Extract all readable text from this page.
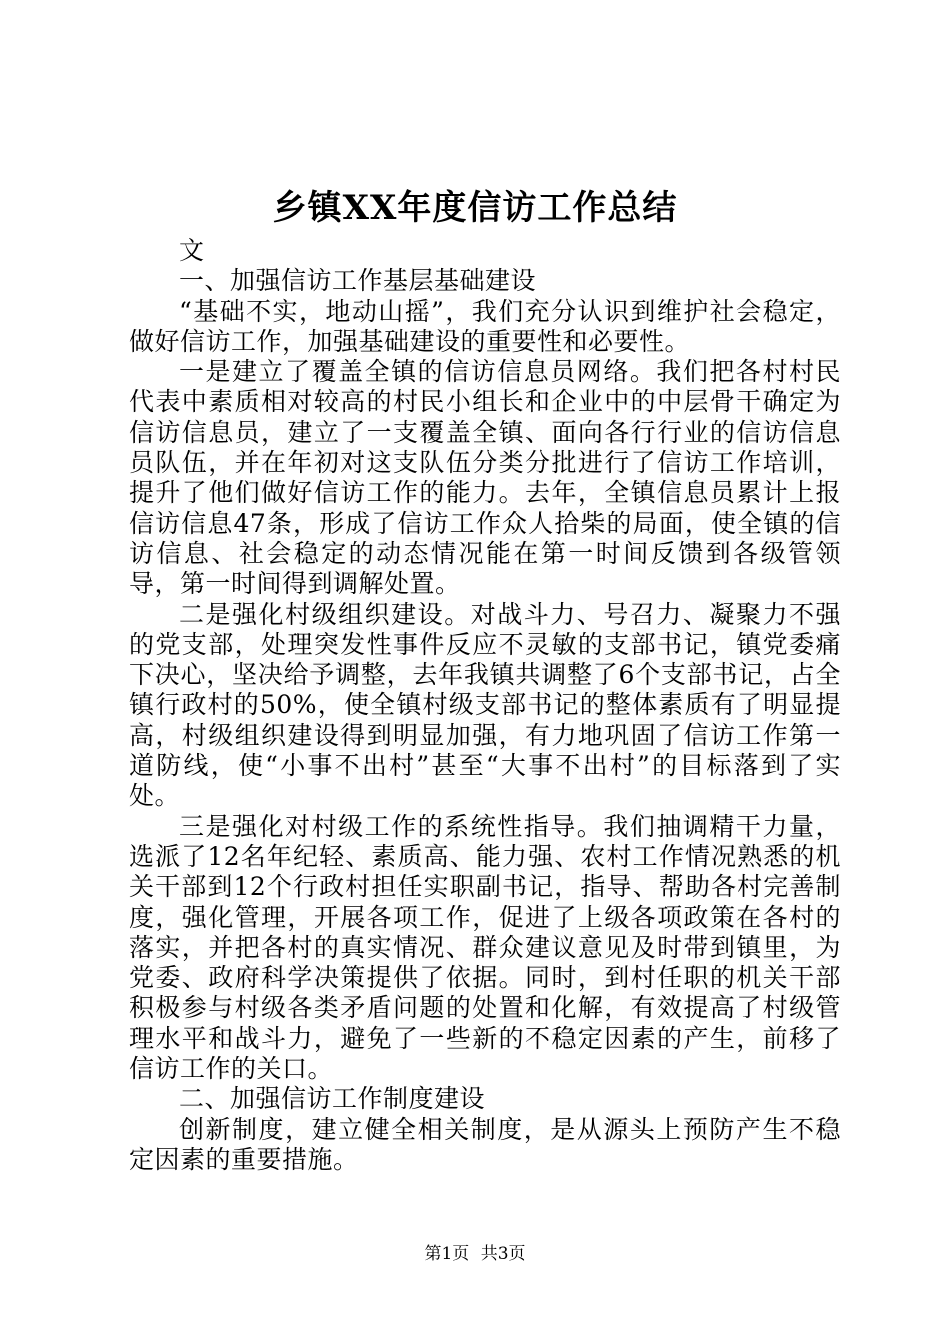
乡镇XX年度信访工作总结

文

一、加强信访工作基层基础建设

“基础不实，地动山摇”，我们充分认识到维护社会稳定，做好信访工作，加强基础建设的重要性和必要性。

一是建立了覆盖全镇的信访信息员网络。我们把各村村民代表中素质相对较高的村民小组长和企业中的中层骨干确定为信访信息员，建立了一支覆盖全镇、面向各行行业的信访信息员队伍，并在年初对这支队伍分类分批进行了信访工作培训，提升了他们做好信访工作的能力。去年，全镇信息员累计上报信访信息47条，形成了信访工作众人拾柴的局面，使全镇的信访信息、社会稳定的动态情况能在第一时间反馈到各级管领导，第一时间得到调解处置。

二是强化村级组织建设。对战斗力、号召力、凝聚力不强的党支部，处理突发性事件反应不灵敏的支部书记，镇党委痛下决心，坚决给予调整，去年我镇共调整了6个支部书记，占全镇行政村的50%，使全镇村级支部书记的整体素质有了明显提高，村级组织建设得到明显加强，有力地巩固了信访工作第一道防线，使“小事不出村”甚至“大事不出村”的目标落到了实处。

三是强化对村级工作的系统性指导。我们抽调精干力量，选派了12名年纪轻、素质高、能力强、农村工作情况熟悉的机关干部到12个行政村担任实职副书记，指导、帮助各村完善制度，强化管理，开展各项工作，促进了上级各项政策在各村的落实，并把各村的真实情况、群众建议意见及时带到镇里，为党委、政府科学决策提供了依据。同时，到村任职的机关干部积极参与村级各类矛盾问题的处置和化解，有效提高了村级管理水平和战斗力，避免了一些新的不稳定因素的产生，前移了信访工作的关口。

二、加强信访工作制度建设

创新制度，建立健全相关制度，是从源头上预防产生不稳定因素的重要措施。

第1页 共3页
